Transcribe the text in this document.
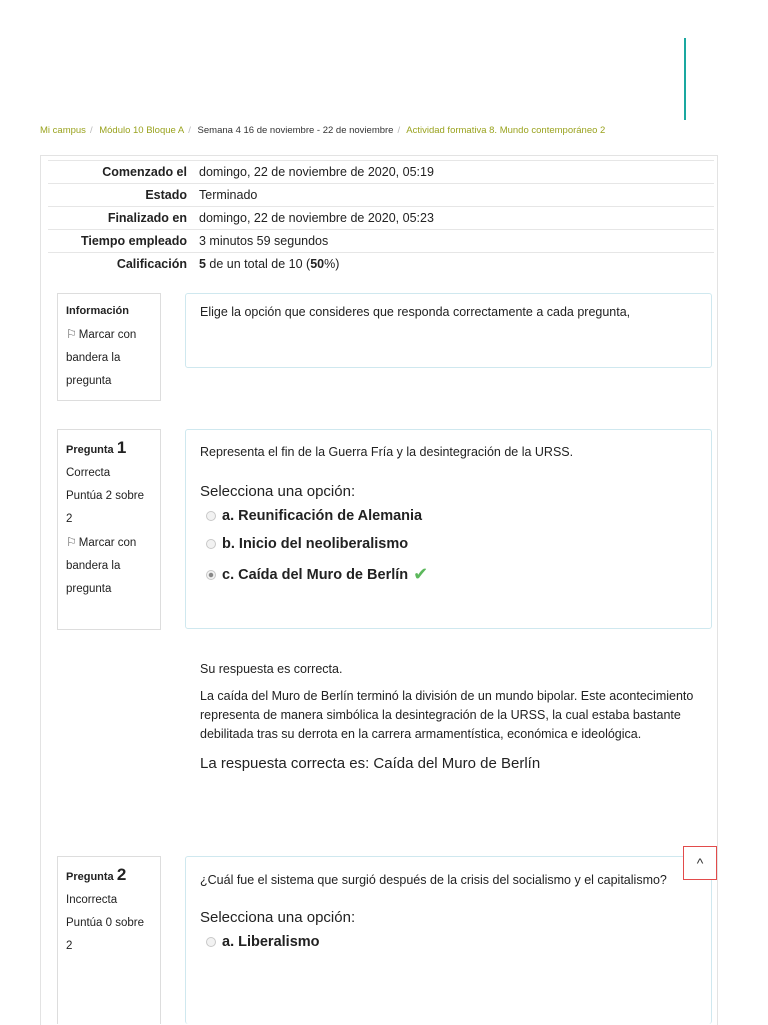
Mi campus / Módulo 10 Bloque A / Semana 4 16 de noviembre - 22 de noviembre / Actividad formativa 8. Mundo contemporáneo 2
Comenzado el	domingo, 22 de noviembre de 2020, 05:19
Estado	Terminado
Finalizado en	domingo, 22 de noviembre de 2020, 05:23
Tiempo empleado	3 minutos 59 segundos
Calificación	5 de un total de 10 (50%)
Información
⚐ Marcar con bandera la pregunta
Elige la opción que consideres que responda correctamente a cada pregunta,
Pregunta 1
Correcta
Puntúa 2 sobre 2
⚐ Marcar con bandera la pregunta
Representa el fin de la Guerra Fría y la desintegración de la URSS.
Selecciona una opción:
a. Reunificación de Alemania
b. Inicio del neoliberalismo
c. Caída del Muro de Berlín ✔

Su respuesta es correcta.

La caída del Muro de Berlín terminó la división de un mundo bipolar. Este acontecimiento representa de manera simbólica la desintegración de la URSS, la cual estaba bastante debilitada tras su derrota en la carrera armamentística, económica e ideológica.

La respuesta correcta es: Caída del Muro de Berlín

Pregunta 2
Incorrecta
Puntúa 0 sobre 2
¿Cuál fue el sistema que surgió después de la crisis del socialismo y el capitalismo?
Selecciona una opción:
a. Liberalismo
^
